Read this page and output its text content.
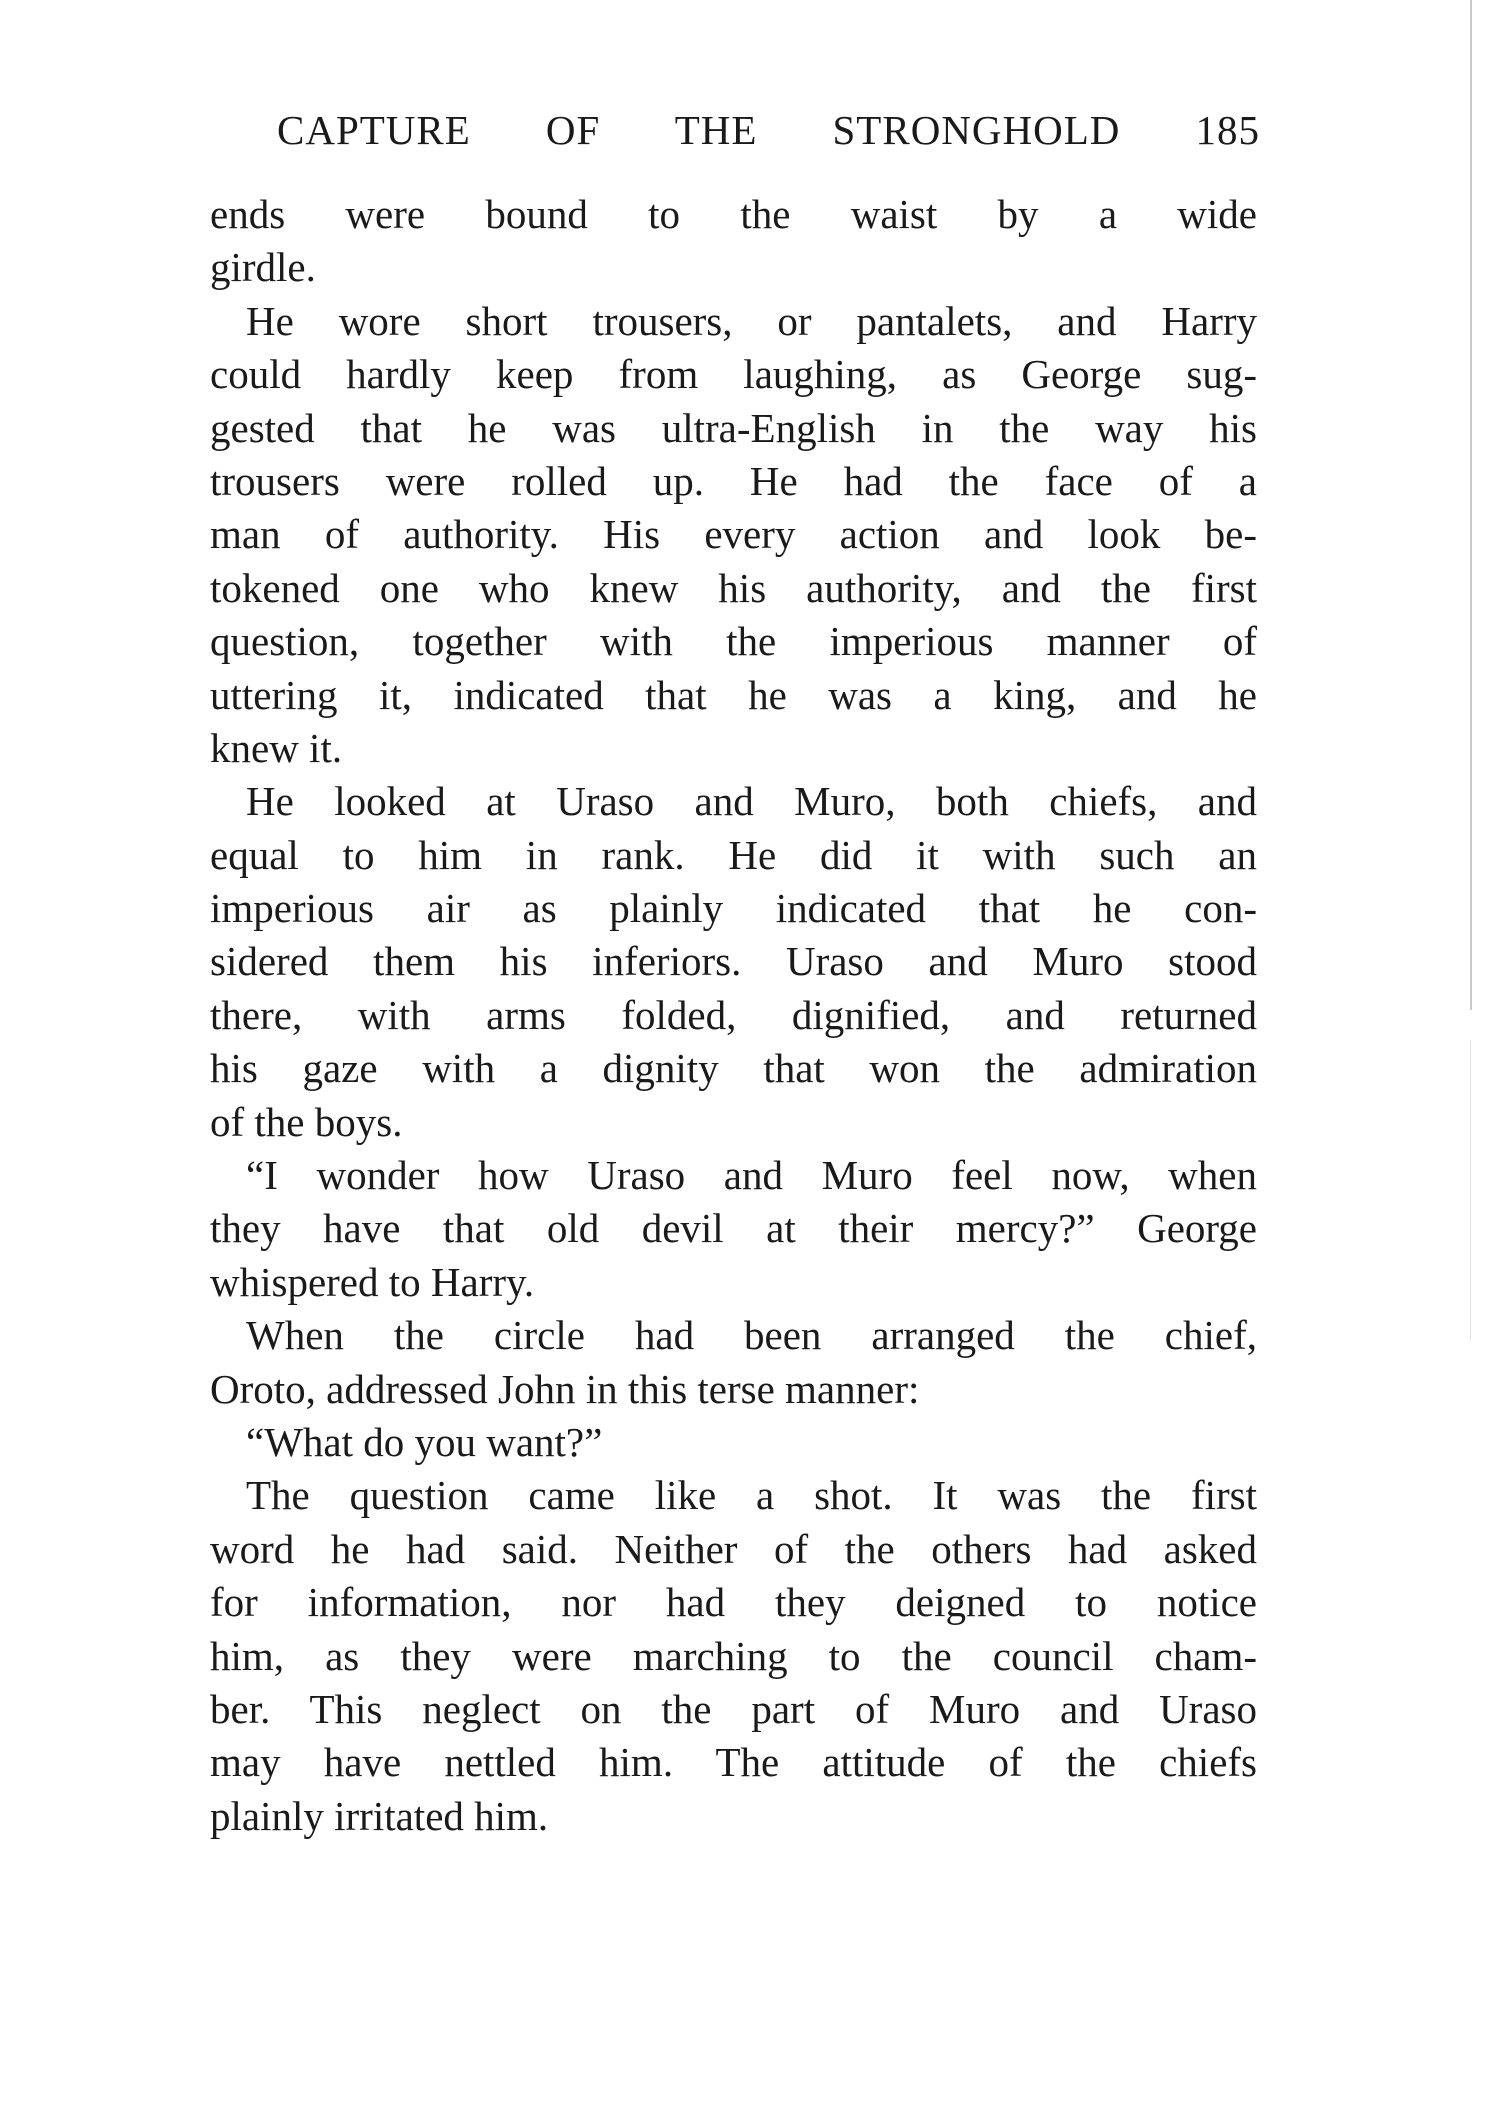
CAPTURE OF THE STRONGHOLD 185
ends were bound to the waist by a wide
girdle.
He wore short trousers, or pantalets, and Harry
could hardly keep from laughing, as George sug-
gested that he was ultra-English in the way his
trousers were rolled up. He had the face of a
man of authority. His every action and look be-
tokened one who knew his authority, and the first
question, together with the imperious manner of
uttering it, indicated that he was a king, and he
knew it.
He looked at Uraso and Muro, both chiefs, and
equal to him in rank. He did it with such an
imperious air as plainly indicated that he con-
sidered them his inferiors. Uraso and Muro stood
there, with arms folded, dignified, and returned
his gaze with a dignity that won the admiration
of the boys.
“I wonder how Uraso and Muro feel now, when
they have that old devil at their mercy?” George
whispered to Harry.
When the circle had been arranged the chief,
Oroto, addressed John in this terse manner:
“What do you want?”
The question came like a shot. It was the first
word he had said. Neither of the others had asked
for information, nor had they deigned to notice
him, as they were marching to the council cham-
ber. This neglect on the part of Muro and Uraso
may have nettled him. The attitude of the chiefs
plainly irritated him.
